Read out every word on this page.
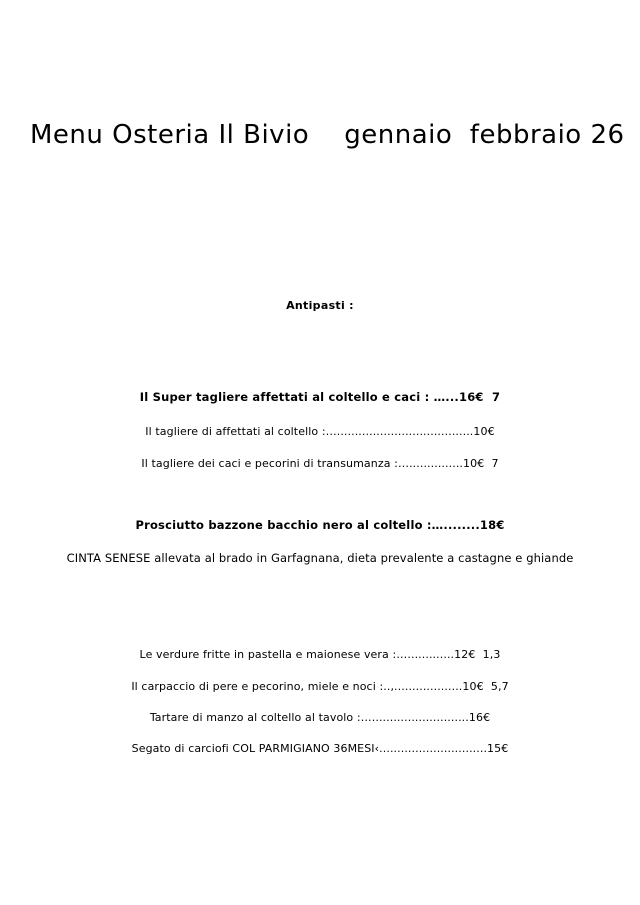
Menu Osteria Il Bivio    gennaio  febbraio 26
Antipasti :
Il Super tagliere affettati al coltello e caci : …...16€  7
Il tagliere di affettati al coltello :…......................................10€
Il tagliere dei caci e pecorini di transumanza :…...............10€  7
Prosciutto bazzone bacchio nero al coltello :…........18€
CINTA SENESE allevata al brado in Garfagnana, dieta prevalente a castagne e ghiande
Le verdure fritte in pastella e maionese vera :….............12€  1,3
Il carpaccio di pere e pecorino, miele e noci :..,...................10€  5,7
Tartare di manzo al coltello al tavolo :…...........................16€
Segato di carciofi COL PARMIGIANO 36MESI‹..............................15€
